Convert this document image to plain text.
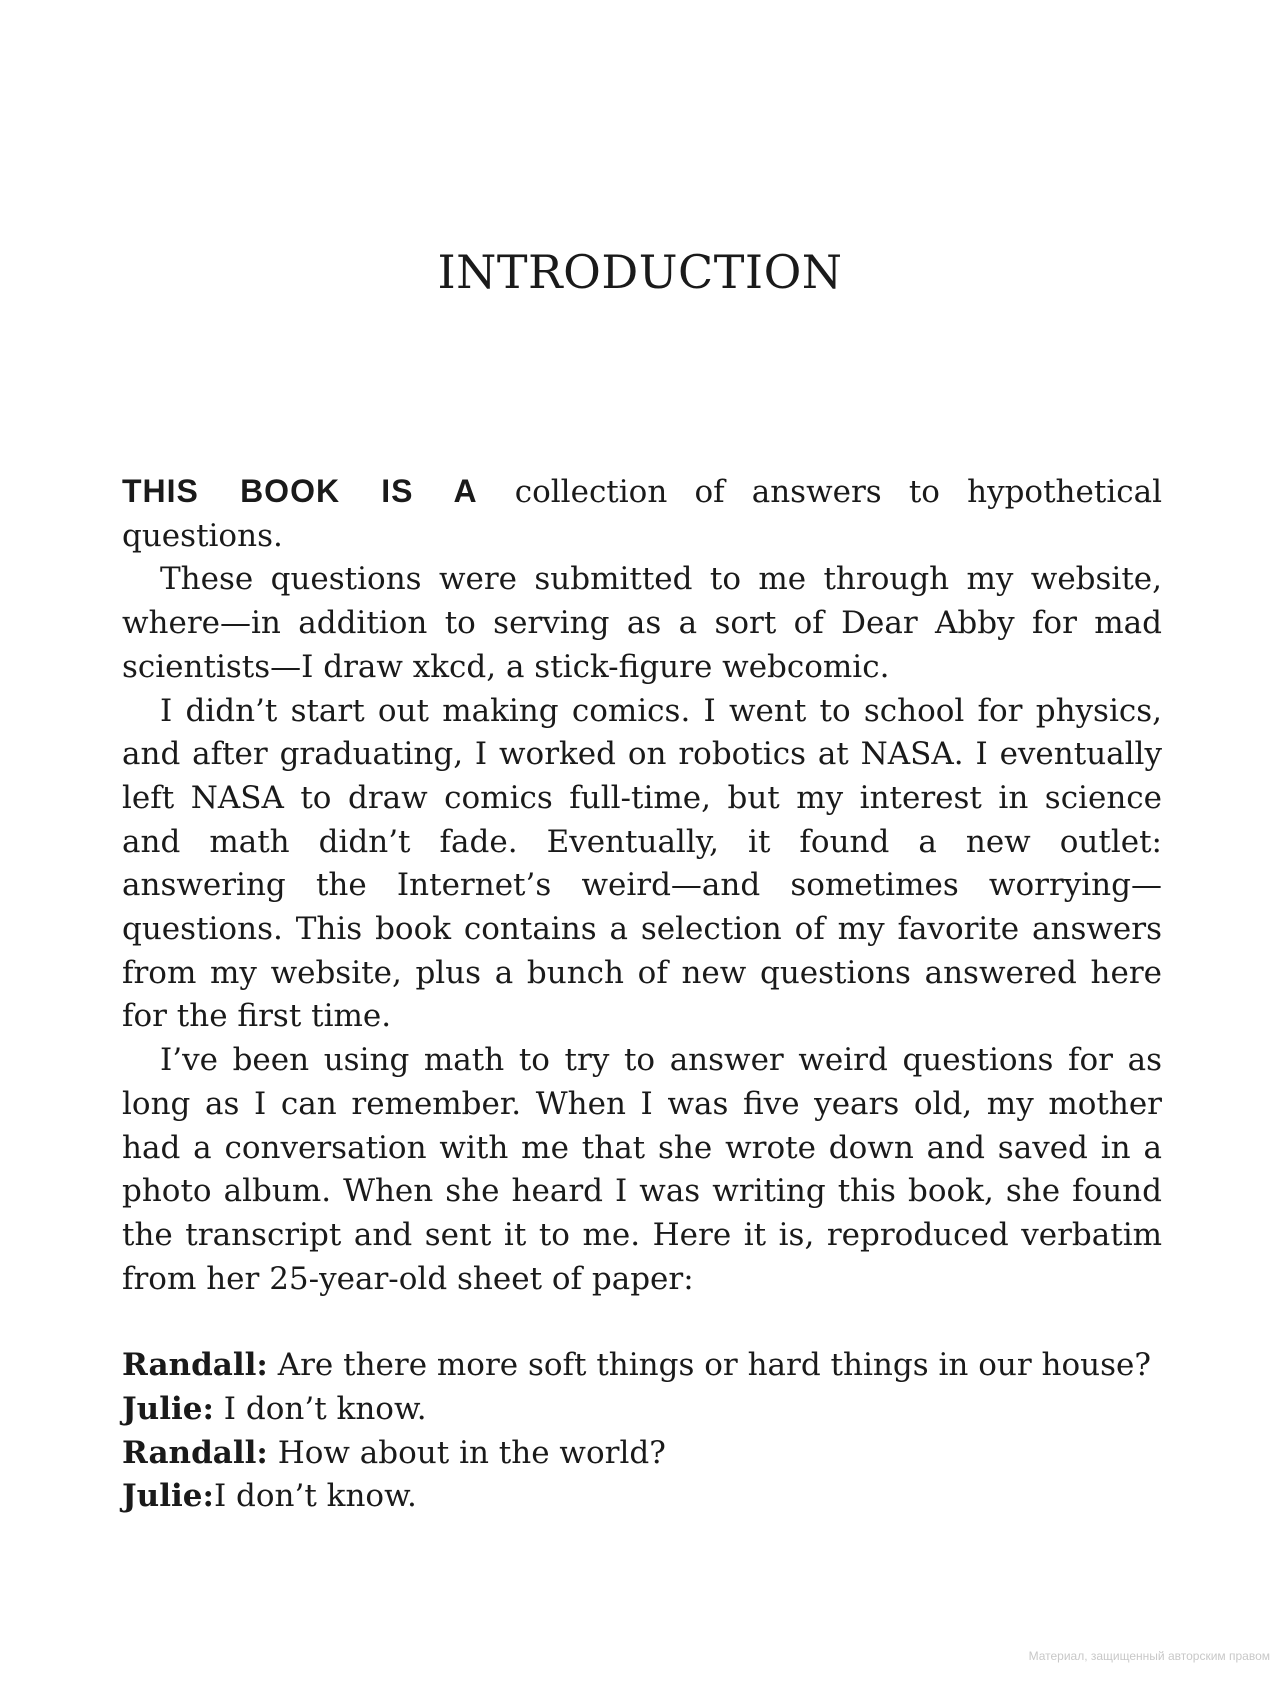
INTRODUCTION

THIS BOOK IS A collection of answers to hypothetical questions.

These questions were submitted to me through my website, where—in addition to serving as a sort of Dear Abby for mad scientists—I draw xkcd, a stick-figure webcomic.

I didn’t start out making comics. I went to school for physics, and after graduating, I worked on robotics at NASA. I eventually left NASA to draw comics full-time, but my interest in science and math didn’t fade. Eventually, it found a new outlet: answering the Internet’s weird—and sometimes worrying—questions. This book contains a selection of my favorite answers from my website, plus a bunch of new questions answered here for the first time.

I’ve been using math to try to answer weird questions for as long as I can remember. When I was five years old, my mother had a conversation with me that she wrote down and saved in a photo album. When she heard I was writing this book, she found the transcript and sent it to me. Here it is, reproduced verbatim from her 25-year-old sheet of paper:

Randall: Are there more soft things or hard things in our house?
Julie: I don’t know.
Randall: How about in the world?
Julie:I don’t know.
Материал, защищенный авторским правом
